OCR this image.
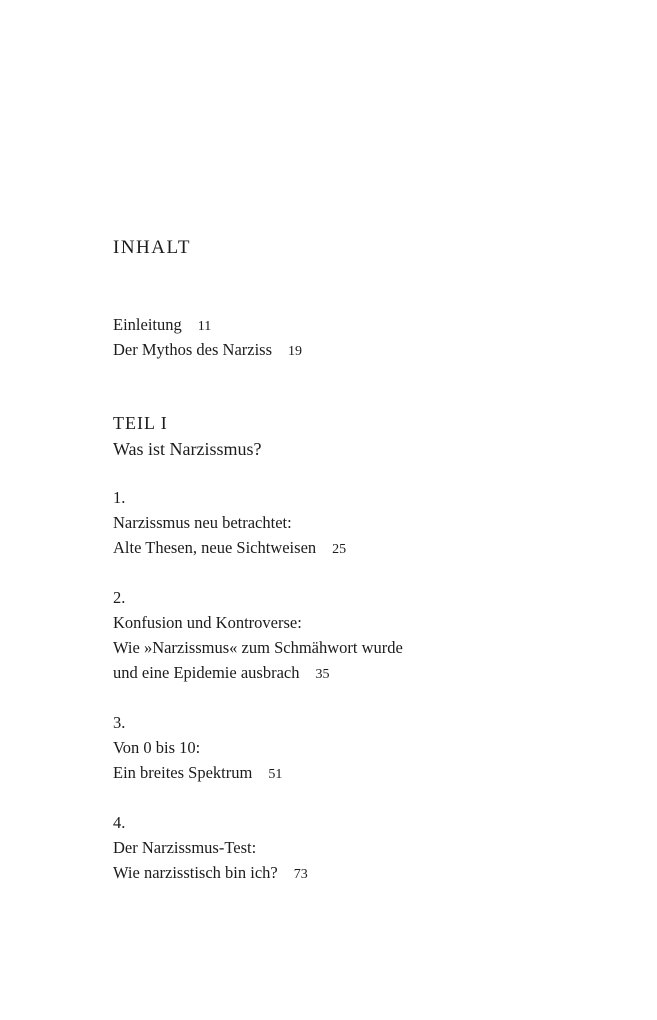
INHALT
Einleitung 11
Der Mythos des Narziss 19
TEIL I
Was ist Narzissmus?
1.
Narzissmus neu betrachtet:
Alte Thesen, neue Sichtweisen 25
2.
Konfusion und Kontroverse:
Wie »Narzissmus« zum Schmähwort wurde
und eine Epidemie ausbrach 35
3.
Von 0 bis 10:
Ein breites Spektrum 51
4.
Der Narzissmus-Test:
Wie narzisstisch bin ich? 73
